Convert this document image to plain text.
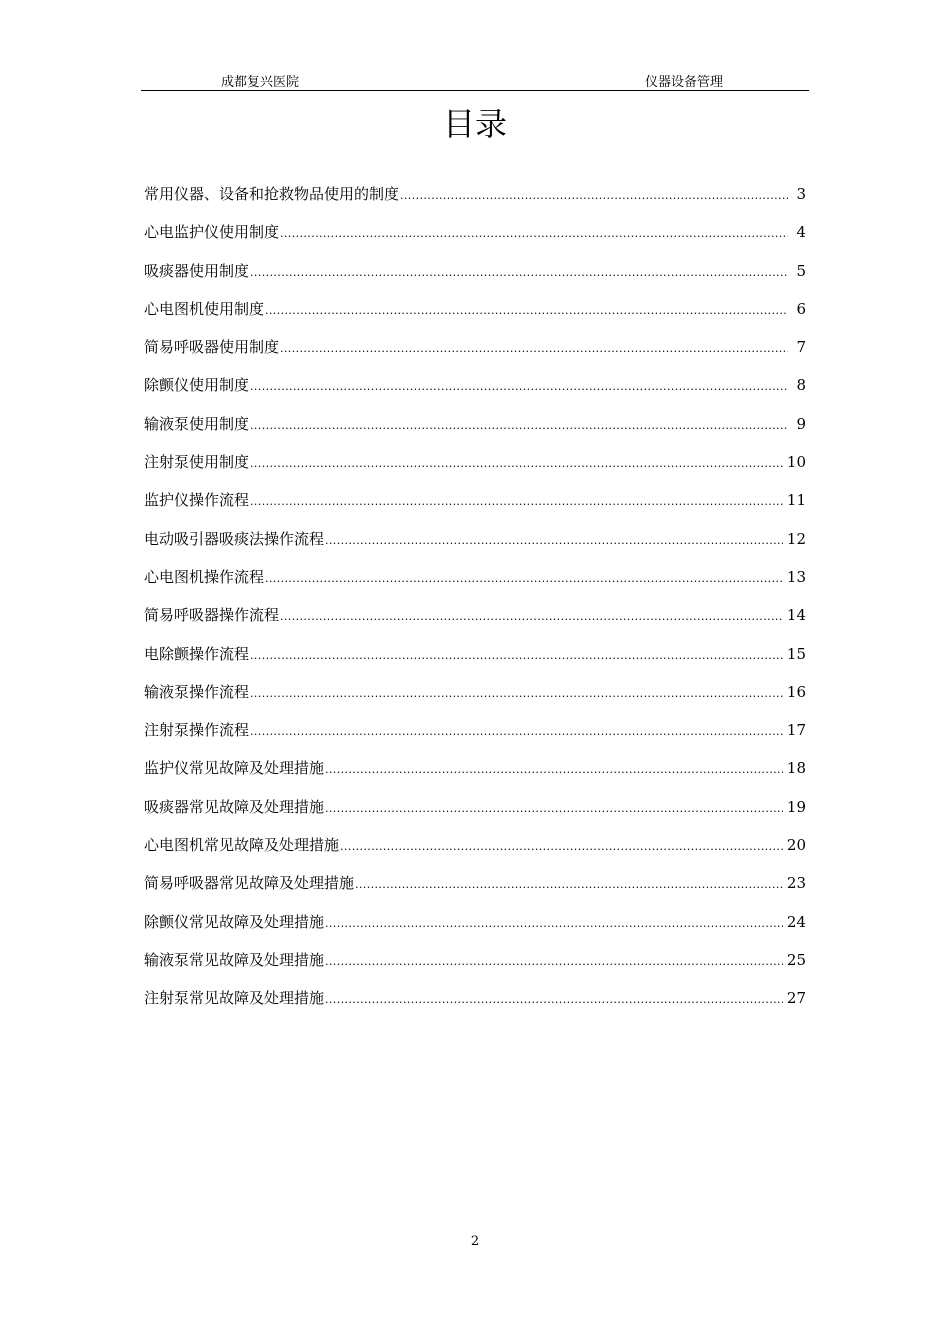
成都复兴医院	仪器设备管理
目录
常用仪器、设备和抢救物品使用的制度 .....	3
心电监护仪使用制度 .....	4
吸痰器使用制度 .....	5
心电图机使用制度 .....	6
简易呼吸器使用制度 .....	7
除颤仪使用制度 .....	8
输液泵使用制度 .....	9
注射泵使用制度 .....	10
监护仪操作流程 .....	11
电动吸引器吸痰法操作流程 .....	12
心电图机操作流程 .....	13
简易呼吸器操作流程 .....	14
电除颤操作流程 .....	15
输液泵操作流程 .....	16
注射泵操作流程 .....	17
监护仪常见故障及处理措施 .....	18
吸痰器常见故障及处理措施 .....	19
心电图机常见故障及处理措施 .....	20
简易呼吸器常见故障及处理措施 .....	23
除颤仪常见故障及处理措施 .....	24
输液泵常见故障及处理措施 .....	25
注射泵常见故障及处理措施 .....	27
2
